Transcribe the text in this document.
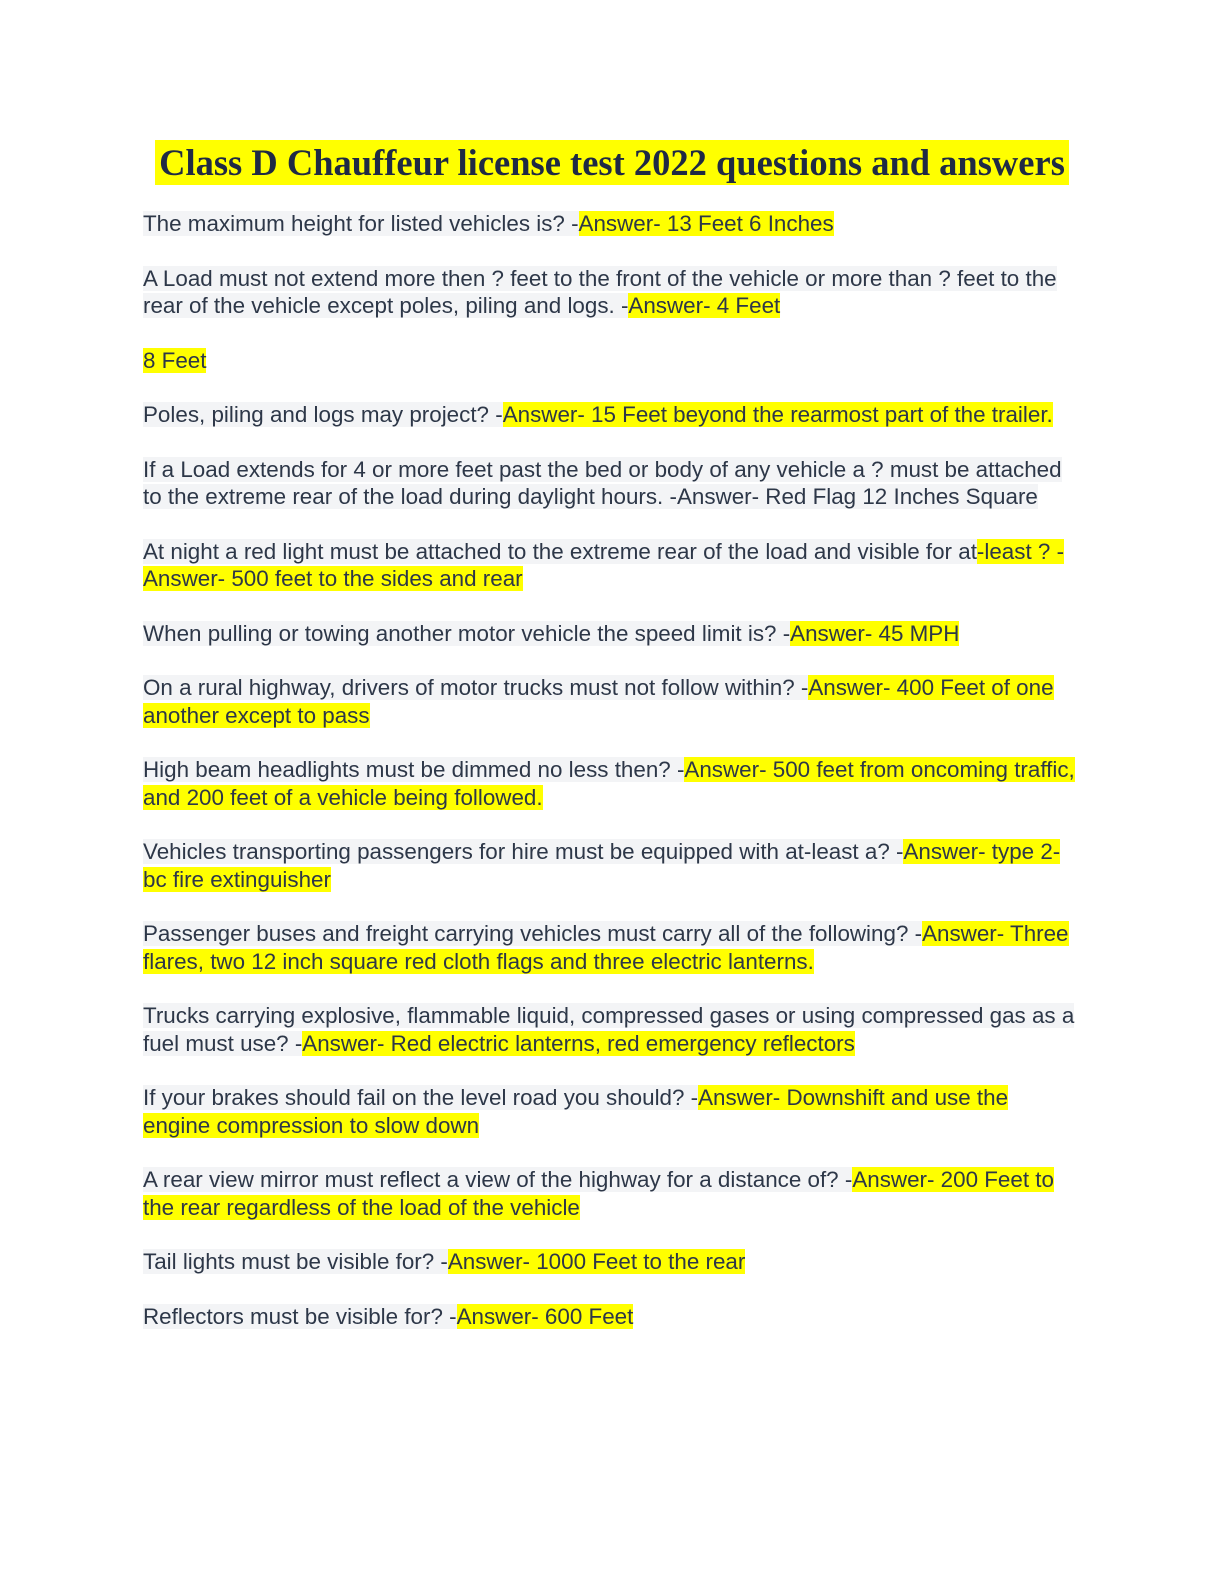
Class D Chauffeur license test 2022 questions and answers

The maximum height for listed vehicles is? -Answer- 13 Feet 6 Inches

A Load must not extend more then ? feet to the front of the vehicle or more than ? feet to the rear of the vehicle except poles, piling and logs. -Answer- 4 Feet

8 Feet

Poles, piling and logs may project? -Answer- 15 Feet beyond the rearmost part of the trailer.

If a Load extends for 4 or more feet past the bed or body of any vehicle a ? must be attached to the extreme rear of the load during daylight hours. -Answer- Red Flag 12 Inches Square

At night a red light must be attached to the extreme rear of the load and visible for at-least ? -Answer- 500 feet to the sides and rear

When pulling or towing another motor vehicle the speed limit is? -Answer- 45 MPH

On a rural highway, drivers of motor trucks must not follow within? -Answer- 400 Feet of one another except to pass

High beam headlights must be dimmed no less then? -Answer- 500 feet from oncoming traffic, and 200 feet of a vehicle being followed.

Vehicles transporting passengers for hire must be equipped with at-least a? -Answer- type 2-bc fire extinguisher

Passenger buses and freight carrying vehicles must carry all of the following? -Answer- Three flares, two 12 inch square red cloth flags and three electric lanterns.

Trucks carrying explosive, flammable liquid, compressed gases or using compressed gas as a fuel must use? -Answer- Red electric lanterns, red emergency reflectors

If your brakes should fail on the level road you should? -Answer- Downshift and use the engine compression to slow down

A rear view mirror must reflect a view of the highway for a distance of? -Answer- 200 Feet to the rear regardless of the load of the vehicle

Tail lights must be visible for? -Answer- 1000 Feet to the rear

Reflectors must be visible for? -Answer- 600 Feet
